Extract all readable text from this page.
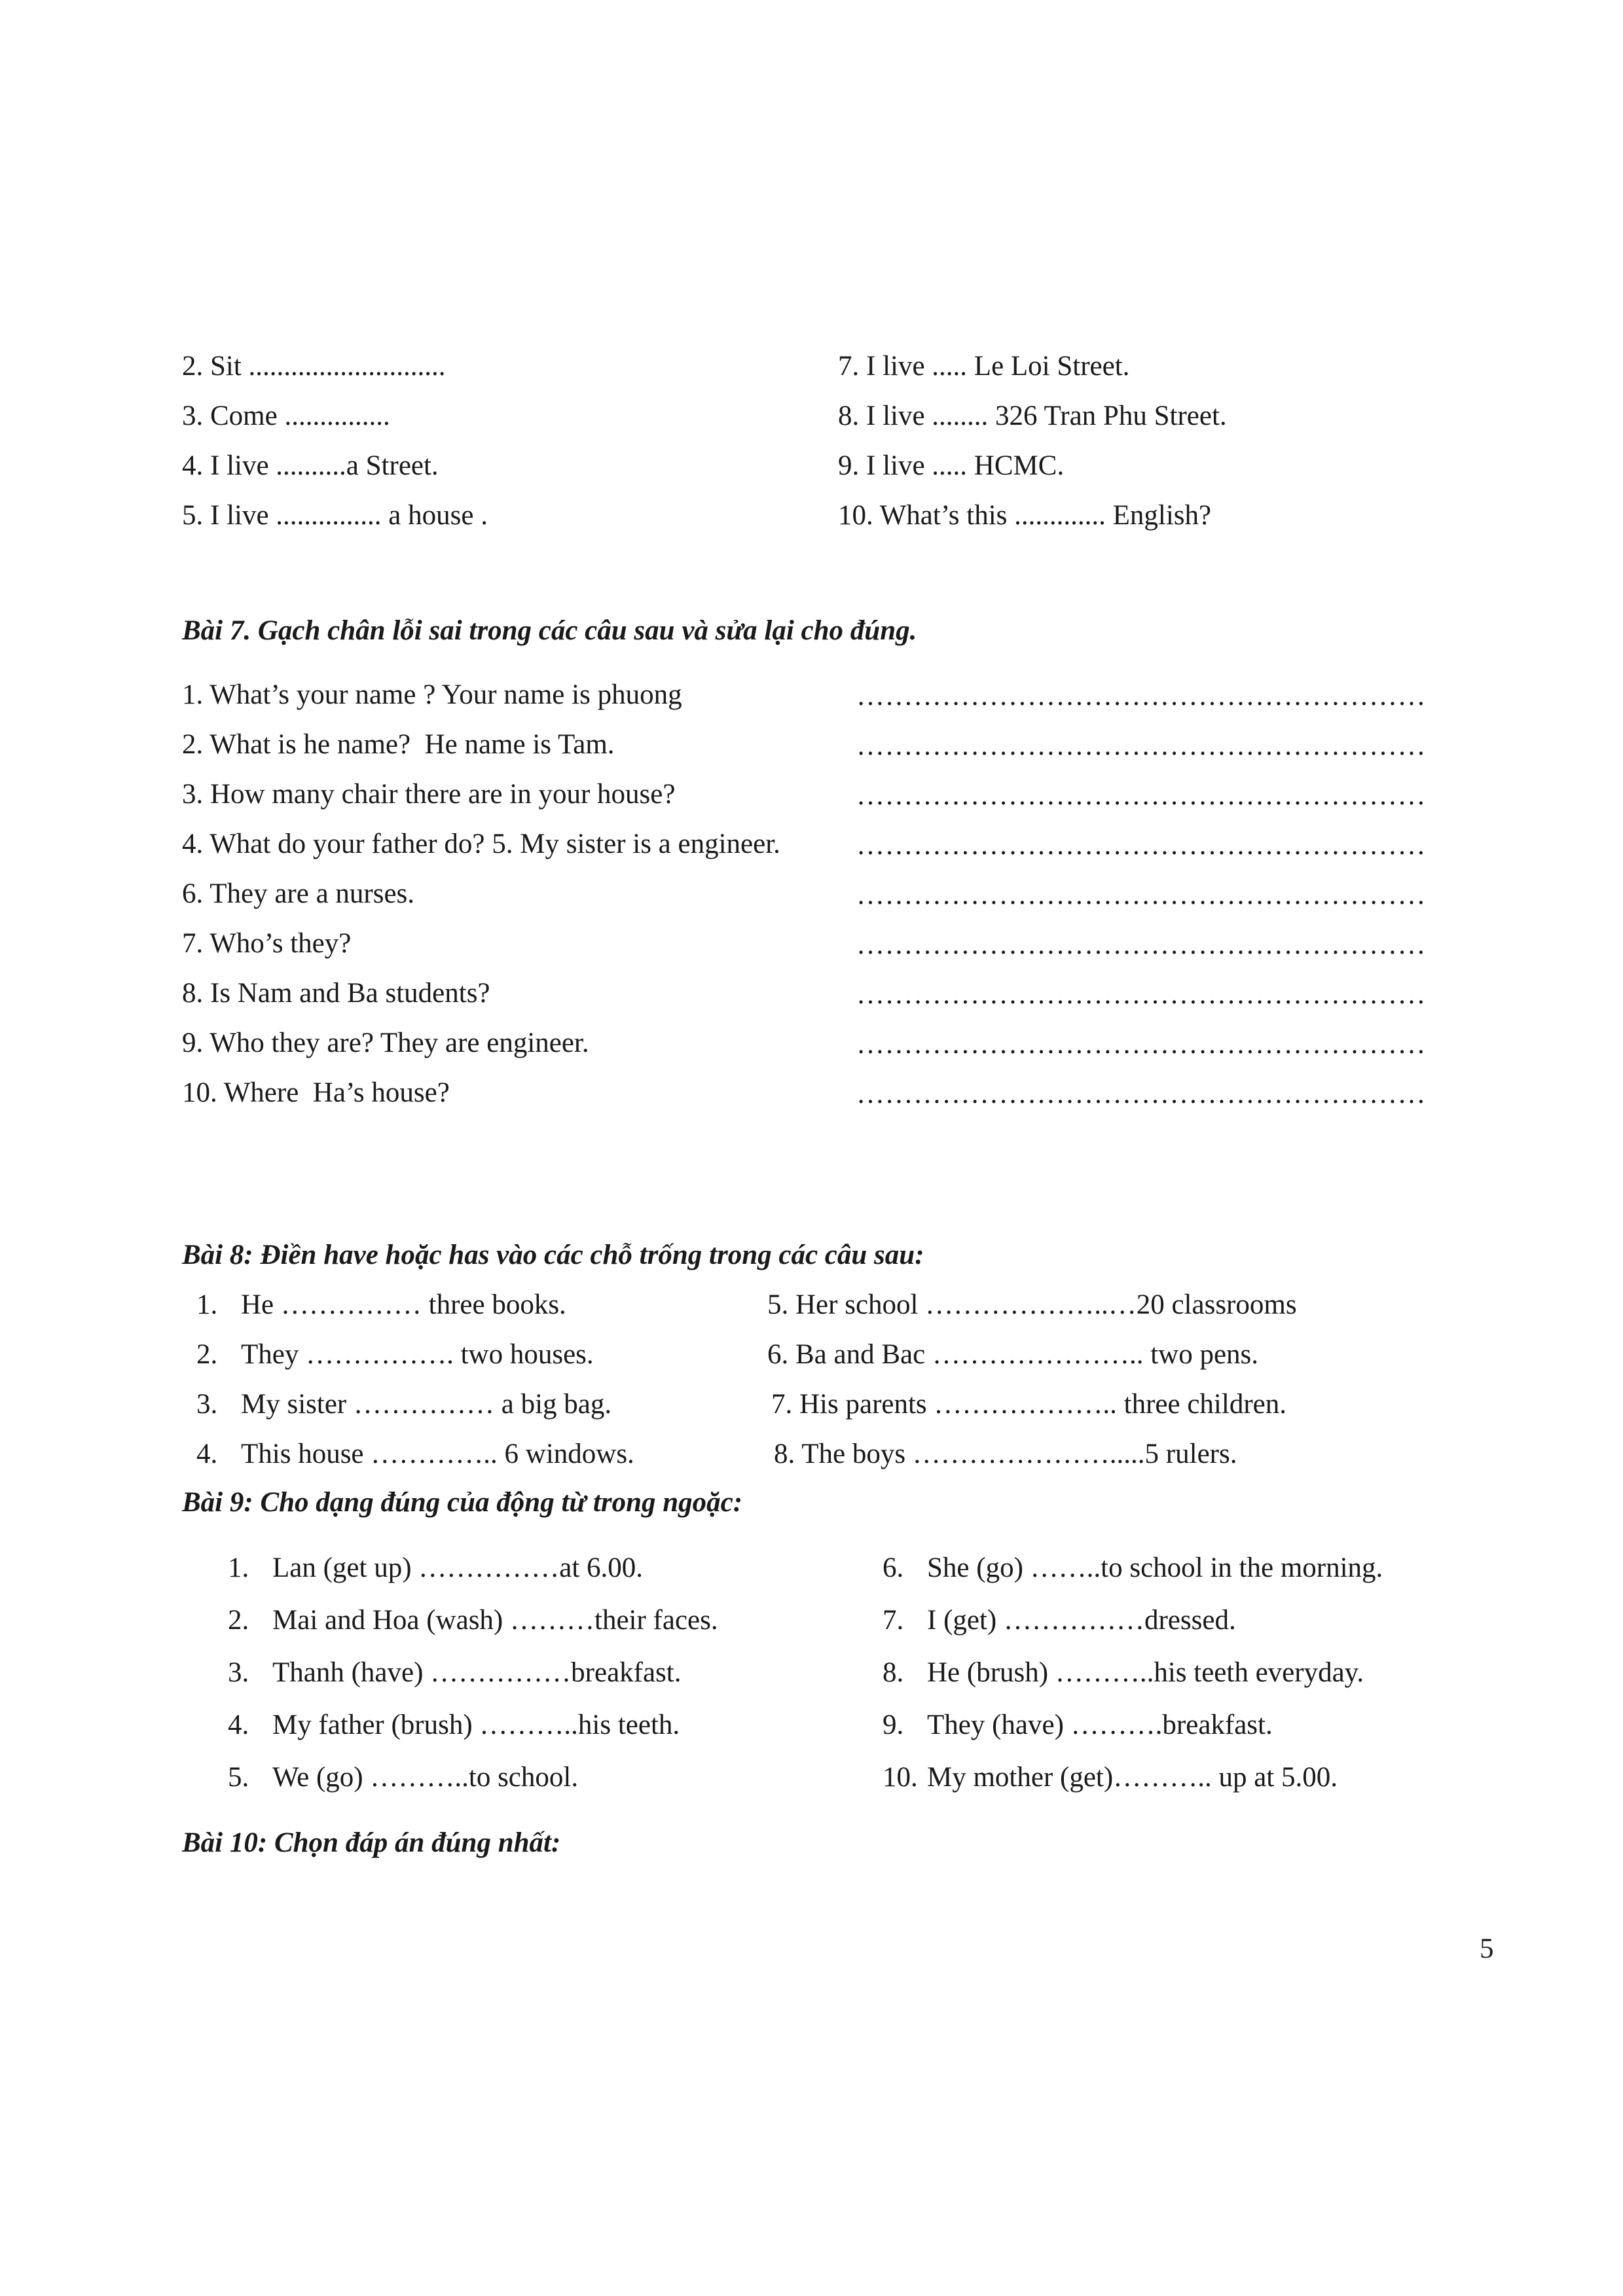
2. Sit ............................
3. Come ...............
4. I live ..........a Street.
5. I live ............... a house .
7. I live ..... Le Loi Street.
8. I live ........ 326 Tran Phu Street.
9. I live ..... HCMC.
10. What’s this ............. English?
Bài 7. Gạch chân lỗi sai trong các câu sau và sửa lại cho đúng.
1. What’s your name ? Your name is phuong
2. What is he name?  He name is Tam.
3. How many chair there are in your house?
4. What do your father do? 5. My sister is a engineer.
6. They are a nurses.
7. Who’s they?
8. Is Nam and Ba students?
9. Who they are? They are engineer.
10. Where  Ha’s house?
……………………………………………………
……………………………………………………
……………………………………………………
……………………………………………………
……………………………………………………
……………………………………………………
……………………………………………………
……………………………………………………
……………………………………………………
Bài 8: Điền have hoặc has vào các chỗ trống trong các câu sau:
1. He …………… three books.
2. They ……………. two houses.
3. My sister …………… a big bag.
4. This house ………….. 6 windows.
5. Her school ………………..…20 classrooms
6. Ba and Bac ………………….. two pens.
7. His parents ……………….. three children.
8. The boys ………………….....5 rulers.
Bài 9: Cho dạng đúng của động từ trong ngoặc:
1. Lan (get up) ……………at 6.00.
2. Mai and Hoa (wash) ………their faces.
3. Thanh (have) ……………breakfast.
4. My father (brush) ………..his teeth.
5. We (go) ………..to school.
6. She (go) ……..to school in the morning.
7. I (get) ……………dressed.
8. He (brush) ………..his teeth everyday.
9. They (have) ……….breakfast.
10. My mother (get)……….. up at 5.00.
Bài 10: Chọn đáp án đúng nhất:
5
